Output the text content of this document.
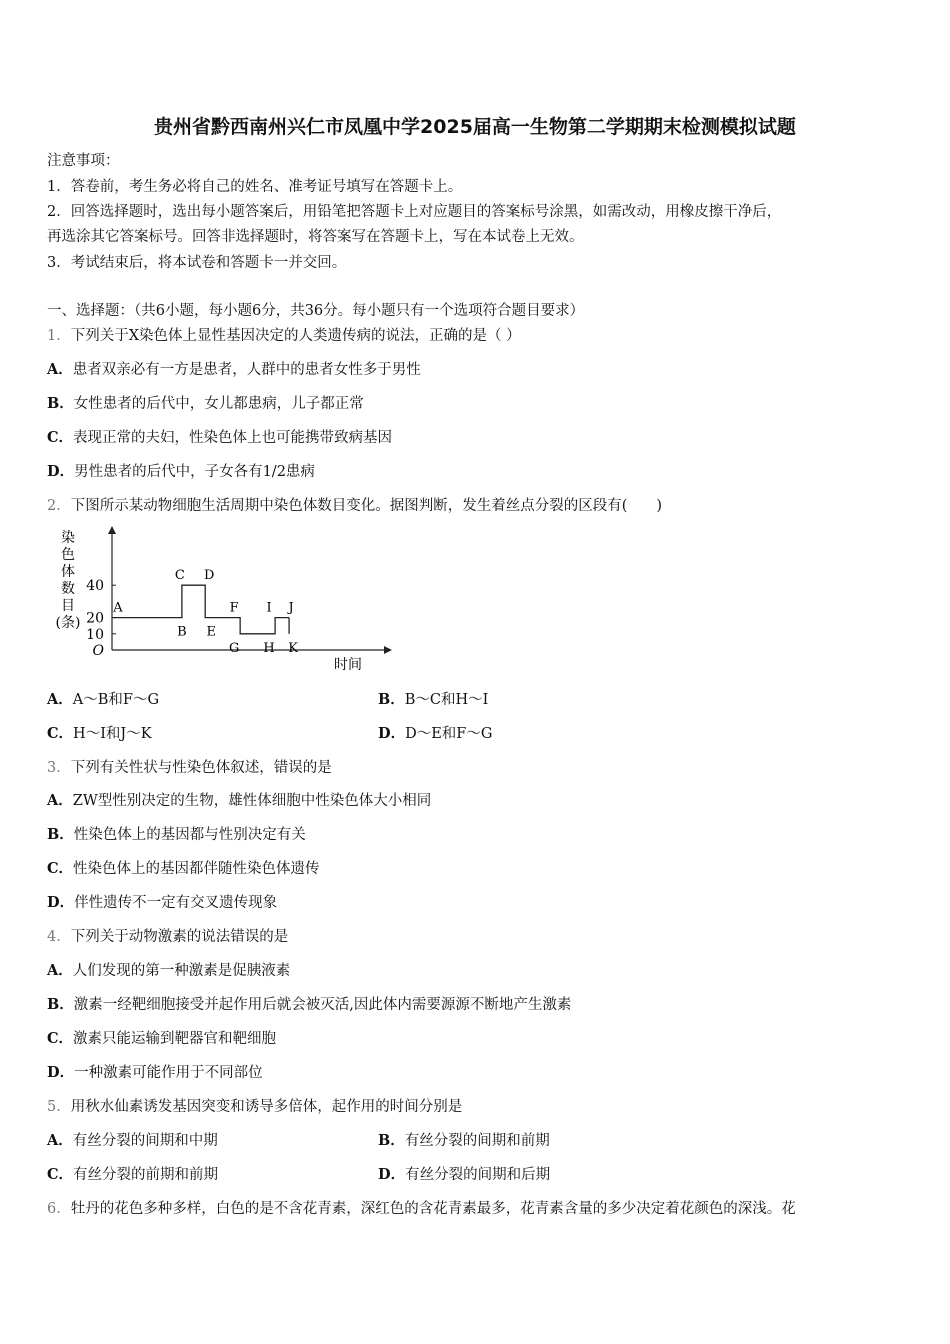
贵州省黔西南州兴仁市凤凰中学2025届高一生物第二学期期末检测模拟试题
注意事项：
1．答卷前，考生务必将自己的姓名、准考证号填写在答题卡上。
2．回答选择题时，选出每小题答案后，用铅笔把答题卡上对应题目的答案标号涂黑，如需改动，用橡皮擦干净后，
再选涂其它答案标号。回答非选择题时，将答案写在答题卡上，写在本试卷上无效。
3．考试结束后，将本试卷和答题卡一并交回。
一、选择题：（共6小题，每小题6分，共36分。每小题只有一个选项符合题目要求）
1．下列关于X染色体上显性基因决定的人类遗传病的说法，正确的是（ ）
A．患者双亲必有一方是患者，人群中的患者女性多于男性
B．女性患者的后代中，女儿都患病，儿子都正常
C．表现正常的夫妇，性染色体上也可能携带致病基因
D．男性患者的后代中，子女各有1/2患病
2．下图所示某动物细胞生活周期中染色体数目变化。据图判断，发生着丝点分裂的区段有(　　)
O
10
20
40
染
色
体
数
目
(条)
时间
A
B
C D
E
F
G H
I J
K
A．A～B和F～G	B．B～C和H～I
C．H～I和J～K	D．D～E和F～G
3．下列有关性状与性染色体叙述，错误的是
A．ZW型性别决定的生物，雄性体细胞中性染色体大小相同
B．性染色体上的基因都与性别决定有关
C．性染色体上的基因都伴随性染色体遗传
D．伴性遗传不一定有交叉遗传现象
4．下列关于动物激素的说法错误的是
A．人们发现的第一种激素是促胰液素
B．激素一经靶细胞接受并起作用后就会被灭活,因此体内需要源源不断地产生激素
C．激素只能运输到靶器官和靶细胞
D．一种激素可能作用于不同部位
5．用秋水仙素诱发基因突变和诱导多倍体，起作用的时间分别是
A．有丝分裂的间期和中期	B．有丝分裂的间期和前期
C．有丝分裂的前期和前期	D．有丝分裂的间期和后期
6．牡丹的花色多种多样，白色的是不含花青素，深红色的含花青素最多，花青素含量的多少决定着花颜色的深浅。花
